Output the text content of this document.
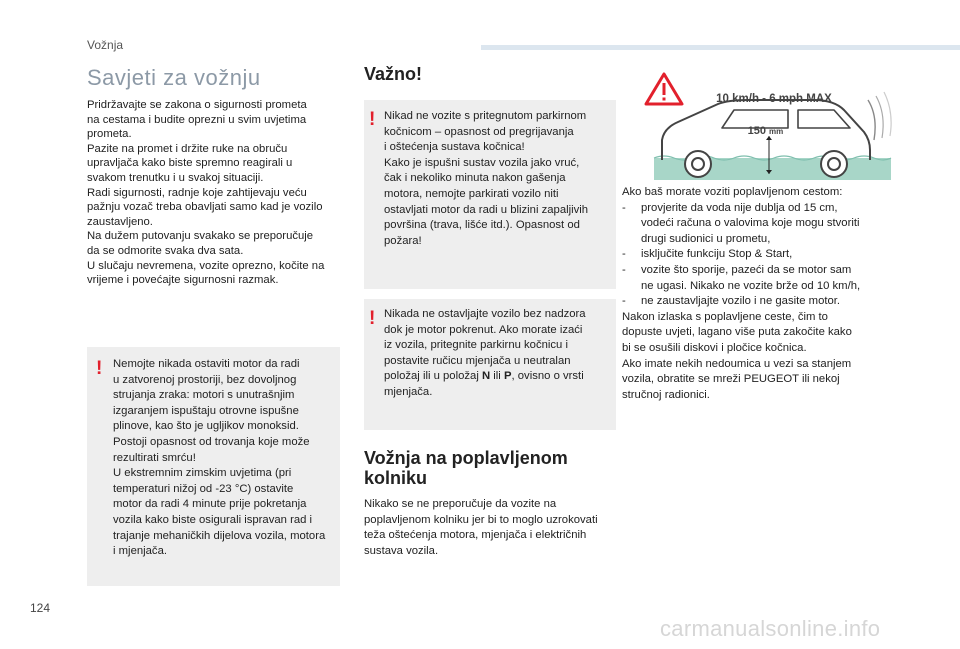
Vožnja
Savjeti za vožnju

Pridržavajte se zakona o sigurnosti prometa
na cestama i budite oprezni u svim uvjetima
prometa.
Pazite na promet i držite ruke na obruču
upravljača kako biste spremno reagirali u
svakom trenutku i u svakoj situaciji.
Radi sigurnosti, radnje koje zahtijevaju veću
pažnju vozač treba obavljati samo kad je vozilo
zaustavljeno.
Na dužem putovanju svakako se preporučuje
da se odmorite svaka dva sata.
U slučaju nevremena, vozite oprezno, kočite na
vrijeme i povećajte sigurnosni razmak.

! Nemojte nikada ostaviti motor da radi
u zatvorenoj prostoriji, bez dovoljnog
strujanja zraka: motori s unutrašnjim
izgaranjem ispuštaju otrovne ispušne
plinove, kao što je ugljikov monoksid.
Postoji opasnost od trovanja koje može
rezultirati smrću!
U ekstremnim zimskim uvjetima (pri
temperaturi nižoj od -23 °C) ostavite
motor da radi 4 minute prije pokretanja
vozila kako biste osigurali ispravan rad i
trajanje mehaničkih dijelova vozila, motora
i mjenjača.

Važno!
! Nikad ne vozite s pritegnutom parkirnom
kočnicom – opasnost od pregrijavanja
i oštećenja sustava kočnica!
Kako je ispušni sustav vozila jako vruć,
čak i nekoliko minuta nakon gašenja
motora, nemojte parkirati vozilo niti
ostavljati motor da radi u blizini zapaljivih
površina (trava, lišće itd.). Opasnost od
požara!

! Nikada ne ostavljajte vozilo bez nadzora
dok je motor pokrenut. Ako morate izaći
iz vozila, pritegnite parkirnu kočnicu i
postavite ručicu mjenjača u neutralan
položaj ili u položaj N ili P, ovisno o vrsti
mjenjača.

Vožnja na poplavljenom
kolniku

Nikako se ne preporučuje da vozite na
poplavljenom kolniku jer bi to moglo uzrokovati
teža oštećenja motora, mjenjača i električnih
sustava vozila.

10 km/h - 6 mph MAX
150 mm
Ako baš morate voziti poplavljenom cestom:
- provjerite da voda nije dublja od 15 cm,
vodeći računa o valovima koje mogu stvoriti
drugi sudionici u prometu,
- isključite funkciju Stop & Start,
- vozite što sporije, pazeći da se motor sam
ne ugasi. Nikako ne vozite brže od 10 km/h,
- ne zaustavljajte vozilo i ne gasite motor.
Nakon izlaska s poplavljene ceste, čim to
dopuste uvjeti, lagano više puta zakočite kako
bi se osušili diskovi i pločice kočnica.
Ako imate nekih nedoumica u vezi sa stanjem
vozila, obratite se mreži PEUGEOT ili nekoj
stručnoj radionici.
124
carmanualsonline.info
